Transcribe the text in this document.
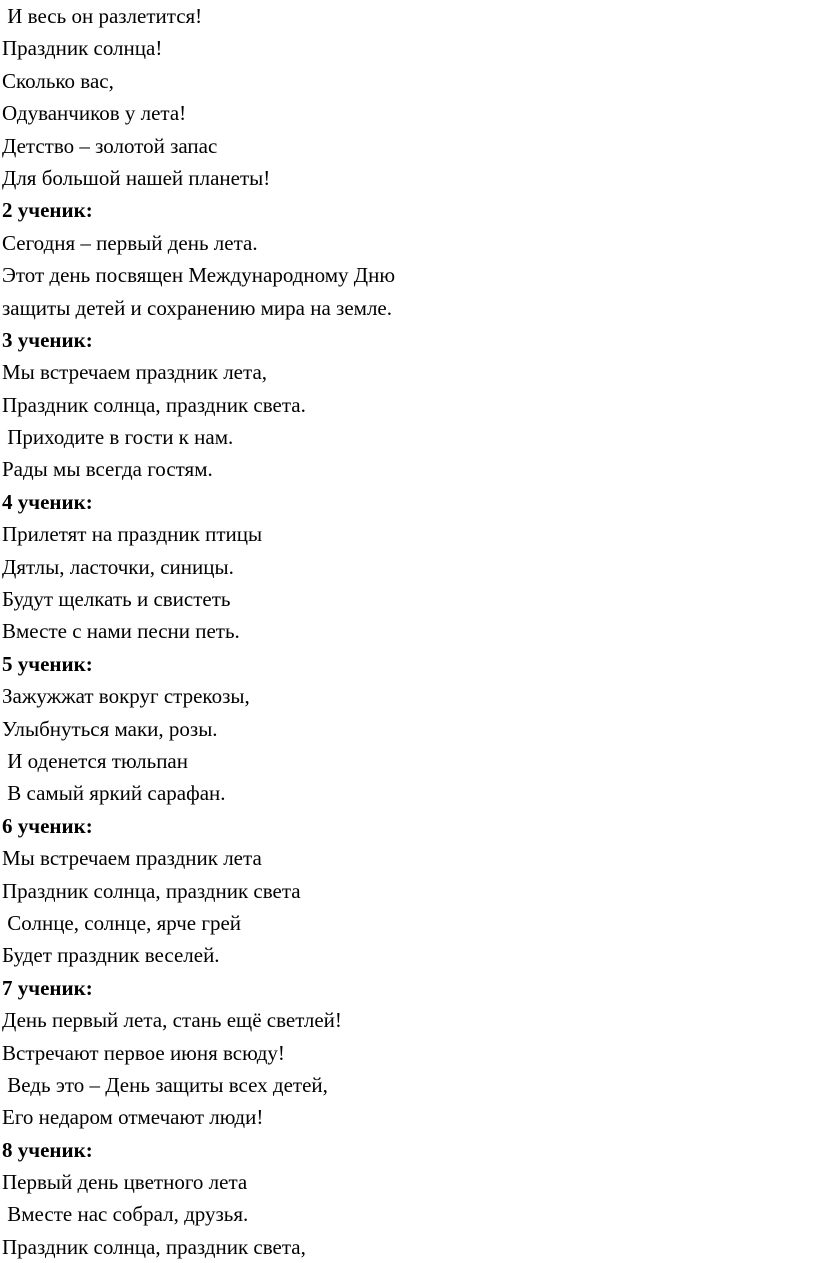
И весь он разлетится!

Праздник солнца!

Сколько вас,

Одуванчиков у лета!

Детство – золотой запас

Для большой нашей планеты!

2 ученик:

Сегодня – первый день лета.

Этот день посвящен Международному Дню

защиты детей и сохранению мира на земле.

3 ученик:

Мы встречаем праздник лета,

Праздник солнца, праздник света.

Приходите в гости к нам.

Рады мы всегда гостям.

4 ученик:

Прилетят на праздник птицы

Дятлы, ласточки, синицы.

Будут щелкать и свистеть

Вместе с нами песни петь.

5 ученик:

Зажужжат вокруг стрекозы,

Улыбнуться маки, розы.

И оденется тюльпан

В самый яркий сарафан.

6 ученик:

Мы встречаем праздник лета

Праздник солнца, праздник света

Солнце, солнце, ярче грей

Будет праздник веселей.

7 ученик:

День первый лета, стань ещё светлей!

Встречают первое июня всюду!

Ведь это – День защиты всех детей,

Его недаром отмечают люди!

8 ученик:

Первый день цветного лета

Вместе нас собрал, друзья.

Праздник солнца, праздник света,
